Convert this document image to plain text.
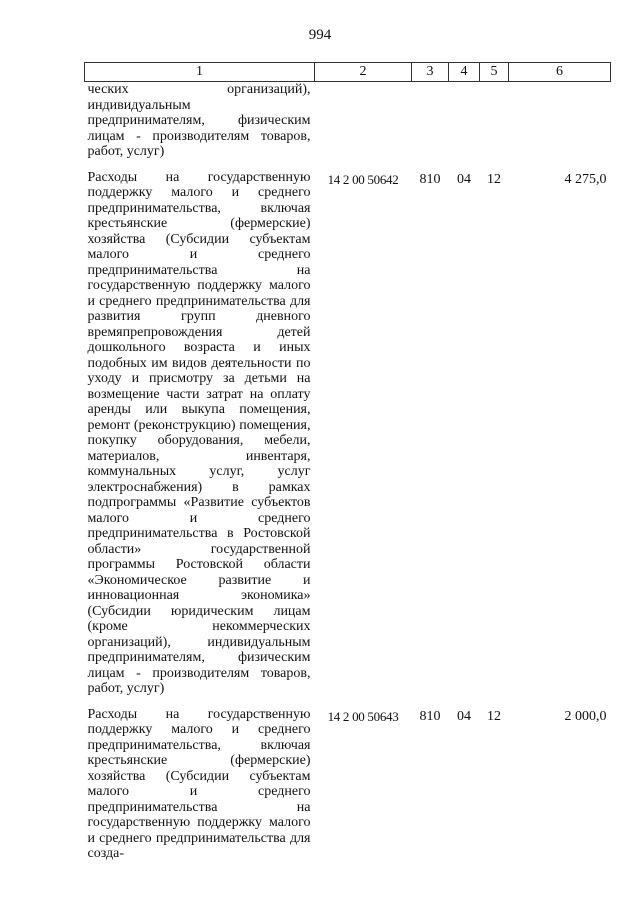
994
1	2	3	4	5	6
ческих организаций), индивидуальным предпринимателям, физическим лицам - производителям товаров, работ, услуг)					
Расходы на государственную поддержку малого и среднего предпринимательства, включая крестьянские (фермерские) хозяйства (Субсидии субъектам малого и среднего предпринимательства на государственную поддержку малого и среднего предпринимательства для развития групп дневного времяпрепровождения детей дошкольного возраста и иных подобных им видов деятельности по уходу и присмотру за детьми на возмещение части затрат на оплату аренды или выкупа помещения, ремонт (реконструкцию) помещения, покупку оборудования, мебели, материалов, инвентаря, коммунальных услуг, услуг электроснабжения) в рамках подпрограммы «Развитие субъектов малого и среднего предпринимательства в Ростовской области» государственной программы Ростовской области «Экономическое развитие и инновационная экономика» (Субсидии юридическим лицам (кроме некоммерческих организаций), индивидуальным предпринимателям, физическим лицам - производителям товаров, работ, услуг)	14 2 00 50642	810	04	12	4 275,0
Расходы на государственную поддержку малого и среднего предпринимательства, включая крестьянские (фермерские) хозяйства (Субсидии субъектам малого и среднего предпринимательства на государственную поддержку малого и среднего предпринимательства для созда-	14 2 00 50643	810	04	12	2 000,0
